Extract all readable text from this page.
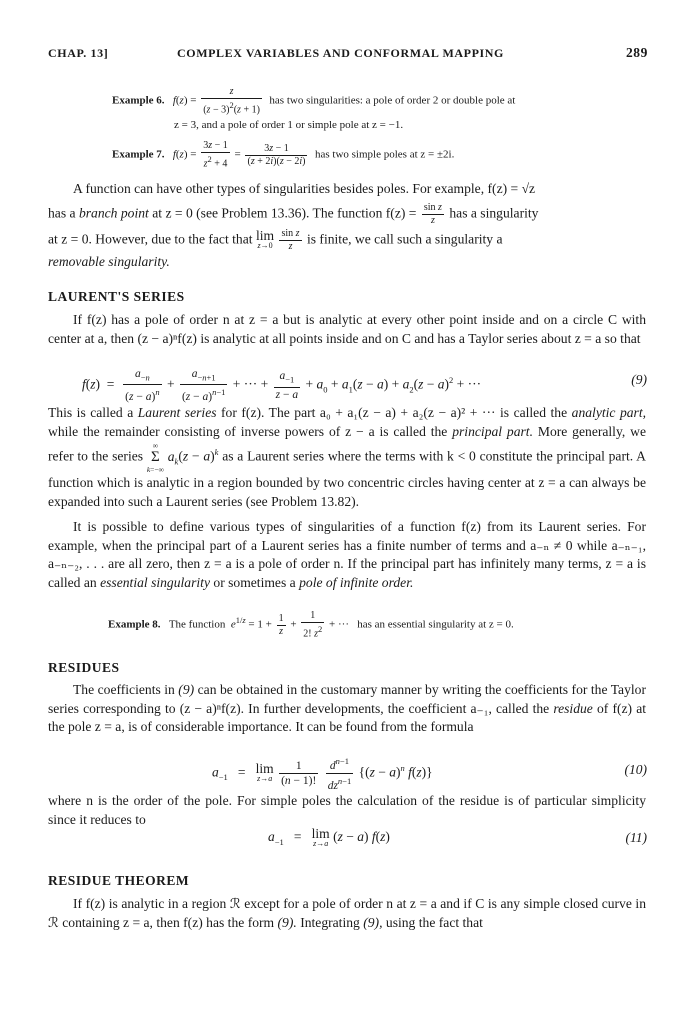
CHAP. 13]	COMPLEX VARIABLES AND CONFORMAL MAPPING	289
Example 6. $f(z) = \frac{z}{(z - 3)^2(z + 1)}$ has two singularities: a pole of order 2 or double pole at
z = 3, and a pole of order 1 or simple pole at z = −1.
Example 7. $f(z) = \frac{3z - 1}{z^2 + 4} = \frac{3z - 1}{(z + 2i)(z - 2i)}$ has two simple poles at z = ±2i.

A function can have other types of singularities besides poles. For example, f(z) = √z

has a branch point at z = 0 (see Problem 13.36). The function $f(z) = \frac{\text{sin z}}{z}$ has a singularity

at z = 0. However, due to the fact that lim
z→0
$\frac{\text{sin z}}{z}$ is finite, we call such a singularity a

removable singularity.

LAURENT'S SERIES

If f(z) has a pole of order n at z = a but is analytic at every other point inside and on a circle C with center at a, then (z − a)ⁿf(z) is analytic at all points inside and on C and has a Taylor series about z = a so that

$f(z) = \frac{a_{-n}}{(z - a)^n} + \frac{a_{-n+1}}{(z - a)^{n-1}}$ + ··· + $\frac{a_{-1}}{z - a} + a_0 + a_1(z - a) + a_2(z - a)^2$ + ···	(9)

This is called a Laurent series for f(z). The part a₀ + a₁(z − a) + a₂(z − a)² + ··· is called the analytic part, while the remainder consisting of inverse powers of z − a is called the principal part. More generally, we refer to the series
∞
Σ
k=−∞
$a_k(z - a)^k$ as a Laurent series where the terms with k < 0 constitute the principal part. A function which is analytic in a region bounded by two concentric circles having center at z = a can always be expanded into such a Laurent series (see Problem 13.82).

It is possible to define various types of singularities of a function f(z) from its Laurent series. For example, when the principal part of a Laurent series has a finite number of terms and a₋ₙ ≠ 0 while a₋ₙ₋₁, a₋ₙ₋₂, . . . are all zero, then z = a is a pole of order n. If the principal part has infinitely many terms, z = a is called an essential singularity or sometimes a pole of infinite order.

Example 8. The function $e^{1/z} = 1 + \frac{1}{z} + \frac{1}{2! z^2}$ + ···   has an essential singularity at z = 0.
RESIDUES

The coefficients in (9) can be obtained in the customary manner by writing the coefficients for the Taylor series corresponding to (z − a)ⁿf(z). In further developments, the coefficient a₋₁, called the residue of f(z) at the pole z = a, is of considerable importance. It can be found from the formula

$a_{-1} = \lim$
z→a
$\frac{1}{(n - 1)!}$
$\frac{d^{n-1}}{dz^{n-1}} \{(z - a)^n$ f(z)}	(10)

where n is the order of the pole. For simple poles the calculation of the residue is of particular simplicity since it reduces to

$a_{-1} = \lim$
z→a (z − a) f(z)	(11)
RESIDUE THEOREM

If f(z) is analytic in a region ℛ except for a pole of order n at z = a and if C is any simple closed curve in ℛ containing z = a, then f(z) has the form (9). Integrating (9), using the fact that
